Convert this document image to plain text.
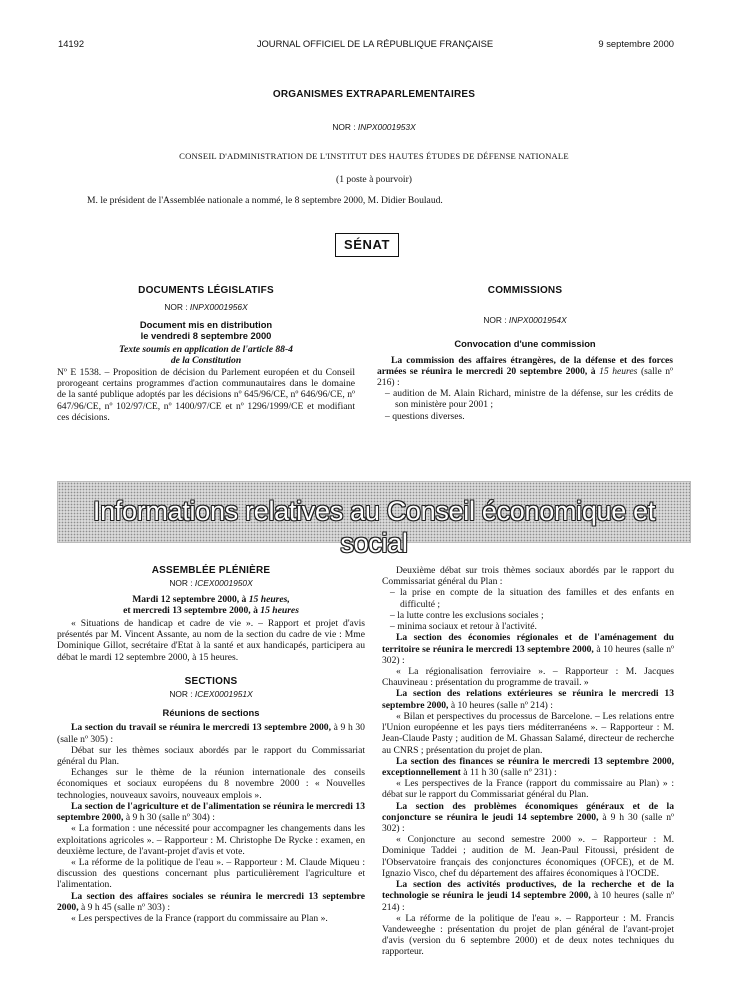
14192	JOURNAL OFFICIEL DE LA RÉPUBLIQUE FRANÇAISE	9 septembre 2000
ORGANISMES EXTRAPARLEMENTAIRES
NOR : INPX0001953X
CONSEIL D'ADMINISTRATION DE L'INSTITUT DES HAUTES ÉTUDES DE DÉFENSE NATIONALE
(1 poste à pourvoir)
M. le président de l'Assemblée nationale a nommé, le 8 septembre 2000, M. Didier Boulaud.
SÉNAT
DOCUMENTS LÉGISLATIFS
NOR : INPX0001956X
Document mis en distribution
le vendredi 8 septembre 2000
Texte soumis en application de l'article 88-4
de la Constitution

Nº E 1538. – Proposition de décision du Parlement européen et du Conseil prorogeant certains programmes d'action communautaires dans le domaine de la santé publique adoptés par les décisions nº 645/96/CE, nº 646/96/CE, nº 647/96/CE, nº 102/97/CE, nº 1400/97/CE et nº 1296/1999/CE et modifiant ces décisions.

COMMISSIONS
NOR : INPX0001954X
Convocation d'une commission

La commission des affaires étrangères, de la défense et des forces armées se réunira le mercredi 20 septembre 2000, à 15 heures (salle nº 216) :

– audition de M. Alain Richard, ministre de la défense, sur les crédits de son ministère pour 2001 ;

– questions diverses.

Informations relatives au Conseil économique et social
ASSEMBLÉE PLÉNIÈRE
NOR : ICEX0001950X
Mardi 12 septembre 2000, à 15 heures,
et mercredi 13 septembre 2000, à 15 heures

« Situations de handicap et cadre de vie ». – Rapport et projet d'avis présentés par M. Vincent Assante, au nom de la section du cadre de vie : Mme Dominique Gillot, secrétaire d'Etat à la santé et aux handicapés, participera au débat le mardi 12 septembre 2000, à 15 heures.

SECTIONS
NOR : ICEX0001951X
Réunions de sections

La section du travail se réunira le mercredi 13 septembre 2000, à 9 h 30 (salle nº 305) :

Débat sur les thèmes sociaux abordés par le rapport du Commissariat général du Plan.

Echanges sur le thème de la réunion internationale des conseils économiques et sociaux européens du 8 novembre 2000 : « Nouvelles technologies, nouveaux savoirs, nouveaux emplois ».

La section de l'agriculture et de l'alimentation se réunira le mercredi 13 septembre 2000, à 9 h 30 (salle nº 304) :

« La formation : une nécessité pour accompagner les changements dans les exploitations agricoles ». – Rapporteur : M. Christophe De Rycke : examen, en deuxième lecture, de l'avant-projet d'avis et vote.

« La réforme de la politique de l'eau ». – Rapporteur : M. Claude Miqueu : discussion des questions concernant plus particulièrement l'agriculture et l'alimentation.

La section des affaires sociales se réunira le mercredi 13 septembre 2000, à 9 h 45 (salle nº 303) :

« Les perspectives de la France (rapport du commissaire au Plan ».

Deuxième débat sur trois thèmes sociaux abordés par le rapport du Commissariat général du Plan :

– la prise en compte de la situation des familles et des enfants en difficulté ;

– la lutte contre les exclusions sociales ;

– minima sociaux et retour à l'activité.

La section des économies régionales et de l'aménagement du territoire se réunira le mercredi 13 septembre 2000, à 10 heures (salle nº 302) :

« La régionalisation ferroviaire ». – Rapporteur : M. Jacques Chauvineau : présentation du programme de travail. »

La section des relations extérieures se réunira le mercredi 13 septembre 2000, à 10 heures (salle nº 214) :

« Bilan et perspectives du processus de Barcelone. – Les relations entre l'Union européenne et les pays tiers méditerranéens ». – Rapporteur : M. Jean-Claude Pasty ; audition de M. Ghassan Salamé, directeur de recherche au CNRS ; présentation du projet de plan.

La section des finances se réunira le mercredi 13 septembre 2000, exceptionnellement à 11 h 30 (salle nº 231) :

« Les perspectives de la France (rapport du commissaire au Plan) » : débat sur le rapport du Commissariat général du Plan.

La section des problèmes économiques généraux et de la conjoncture se réunira le jeudi 14 septembre 2000, à 9 h 30 (salle nº 302) :

« Conjoncture au second semestre 2000 ». – Rapporteur : M. Dominique Taddei ; audition de M. Jean-Paul Fitoussi, président de l'Observatoire français des conjonctures économiques (OFCE), et de M. Ignazio Visco, chef du département des affaires économiques à l'OCDE.

La section des activités productives, de la recherche et de la technologie se réunira le jeudi 14 septembre 2000, à 10 heures (salle nº 214) :

« La réforme de la politique de l'eau ». – Rapporteur : M. Francis Vandeweeghe : présentation du projet de plan général de l'avant-projet d'avis (version du 6 septembre 2000) et de deux notes techniques du rapporteur.
